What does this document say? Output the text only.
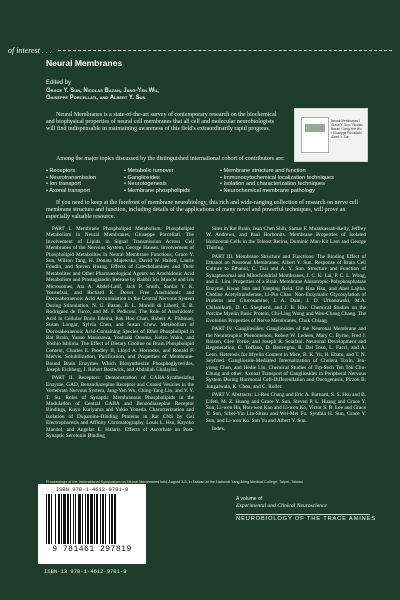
of interest . . .
Neural Membranes
Edited by
Grace Y. Sun, Nicolas Bazan, Jang-Yen Wu,
Giuseppe Porcellati, and Albert Y. Sun
Neural Membranes is a state-of-the-art survey of contemporary research on the biochemical and biophysical properties of neural cell membranes that all cell and molecular neurobiologists will find indispensable in maintaining awareness of this field's extraordinarily rapid progress.
Neural Membranes / Grace Y. Sun / Nicolas Bazan / Jang-Yen Wu / Giuseppe Porcellati / Albert Y. Sun
Among the major topics discussed by the distinguished international cohort of contributors are:
• Receptors
• Neurotransmission
• Ion transport
• Axonal transport
• Metabolic turnover
• Gangliosides
• Neurotogenesis
• Membrane phospholipids
• Membrane structure and function
• Immunocytochemical localization techniques
• Isolation and characterization techniques
• Neurochemical membrane pathology
If you need to keep at the forefront of membrane neurobiology, this rich and wide-ranging collection of research on nerve cell membrane structure and function, including details of the applications of many novel and powerful techniques, will prove an especially valuable resource.

PART I. Membrane Phospholipid Metabolism: Phospholipid Metabolism in Neural Membranes, Giuseppe Porcellati. The Involvement of Lipids in Signal Transmission Across Cell Membranes of the Nervous System, George Hauser. Involvement of Phospholipid Metabolites in Neural Membrane Functions, Grace Y. Sun, Wilson Tang, H. Donata Majewska, David W. Hallett, Laurie Foudin, and Steven Huang. Effects of Catecholamines and Their Metabolites and Other Pharmacological Agents on Arachidonic Acid Metabolism and Prostaglandin Release by Rabbit Iris Muscle and Iris Microsomes, Ata A. Abdel-Latif, Jack P. Smith, Sardar Y. K. Yousufzai, and Richard K. Dover. Free Arachidonic and Docosahexaenoic Acid Accumulation in the Central Nervous System During Stimulation, N. G. Bazan, B. L. Morelli di Liberti, E. B. Rodriguez de Turco, and M. F. Pediconi. The Role of Arachidonic Acid in Cellular Brain Edema, Pak Hoo Chan, Robert A. Fishman, Susan Longar, Sylvia Chen, and Susan Chew. Metabolism of Docosahexaenoic Acid-Containing Species of Ether Phospholipid in Rat Brain, Yasuo Masuzawa, Yoshiaki Onuma, Keizo Waku, and Yoshio Ishiima. The Effect of Dietary Choline on Brain Phospholipid Content, Charles E. Prodley II, Lloyd A. Horrocks, and Ronald F. Mervis. Solubilization, Purification, and Properties of Membrane-Bound Brain Enzymes Which Biosynthesize Phosphoglycerides, Joseph Eichberg, J. Robert Bostwick, and Abdallah Ghalayini.

PART II. Receptors: Demonstration of GABA-Synthesizing Enzyme, GAD, Benzodiazepine Receptor and Coated Vesicles in the Vertebrate Nervous System, Jang-Yen Wu, Ching-Tang Lin, and Y. Y. T. Su. Roles of Synaptic Membranous Phospholipids in the Modulation of Central GABA and Benzodiazepine Receptor Bindings, Kuyo Kuriyama and Yukio Yoneda. Characterization and Isolation of Dopamine-Binding Proteins in Rat CNS by Gel Electrophoresis and Affinity Chromatography, Louis L. Hsu, Kayoko Mandel, and Angelas E. Halaris. Effects of Ascorbate on Post-Synaptic Serotonin Binding

Sites in Rat Brain, Jean Chen Shih, Samar F. Muakkassah-Kelly, Jeffrey W. Andrews, and Paul Horbonits. Membrane Properties of Isolated Horizontal Cells in the Teleost Retina, Dominic Man-Kit Lam and George Thuring.

PART III. Membrane Structure and Functions: The Binding Effect of Ethanol on Neuronal Membranes, Albert Y. Sun. Response of Brain Cell Culture to Ethanol, C. Tsai and A. Y. Sun. Structure and Function of Synaptosomal and Mitochondrial Membranes, J. C. K. Lai, P. C. L. Wong, and L. Lim. Properties of a Brain Membrane Anisotropic-Polyphosphatase Enzyme, Kwan Sun and Yanping Reid. Gin Hua Hsu, and Abel Lajtha. Choline Acetyltransferase, Li-Pin Chao. Non-Enzymatic Glycosylation of Proteins and Glucosamine, J. A. Dain, J. D. Urbanowski, M.A. Chilamkurti, D. C. Shepherd, and J. B. Hite. Chemical Studies on the Porcine Myelin Basic Protein, Chi-Ling Wong and Wen-Chang Chang. The Evolution Properties of Nerve Membranes, Chuk Chiang.

PART IV. Gangliosides: Gangliosides of the Neuronal Membrane and the Neurotrophic Phenomenon, Robert W. Ledeen, Mary C. Byrne, Fred J. Roisen, Glee Yorke, and Joseph R. Sclafani. Neuronal Development and Regeneration, G. Toffano, D. Benvegnu, R. Dal Toso, L. Facci, and A. Leon. Heterosis for Myelin Content in Mice, R. K. Yu, H. Ebato, and T. N. Seyfried. Ganglioside-Mediated Internalization of Cholera Toxin, Jen-yiang Chen, and Hedie Lin. Chemical Studies of Trp-Sech Ten Tok Chu-Chung and other. Axonal Transport of Gangliosides in Peripheral Nervous System During Hormonal Cell-Differentiation and Oncogenesis, Pirzon B. Jungalwala, K. Chou, and C. Roller.

PART V. Abstracts: Li-Ren Chang and Eric A. Barnard, S. S. Hsu and B. Lifeti, M. Z. Huang and Grace Y. Sun, Steven P. L. Huang and Grace Y. Sun, Li-wen Hu, Hon-wen Kao and Li-wen Ko, Victor S. B. Lee and Grace Y. Sun, Sibel-Yin Lin-Shiau and Wei-Mei Fu. Synthia H. Sun, Grace Y. Sun, and Li-wen Ko. Sun Yu and Albert Y. Sun.

Index.

Proceedings of the International Symposium on Neural Membranes held August 3-5, in Taiwan at the National Yang-Ming Medical College, Taipei, Taiwan
ISBN 978-1-4612-9781-9
9 781461 297819
ISBN-13 978-1-4612-9781-9
A volume of
Experimental and Clinical Neuroscience
NEUROBIOLOGY OF THE TRACE AMINES
